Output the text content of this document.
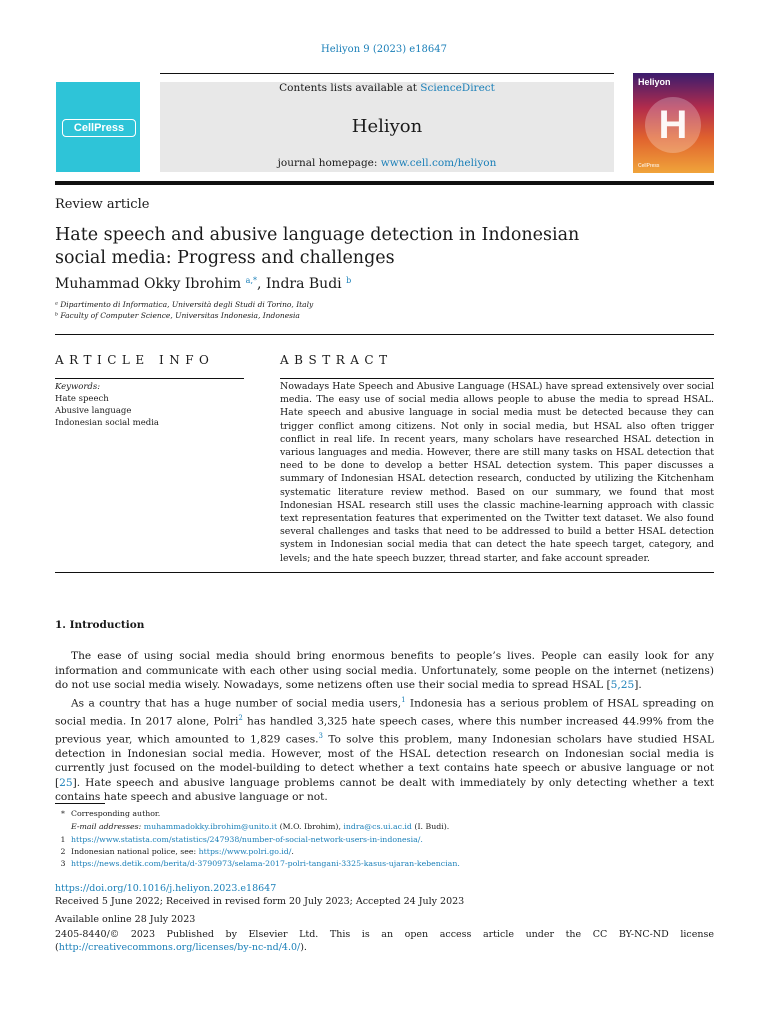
Heliyon 9 (2023) e18647
CellPress
Contents lists available at ScienceDirect
Heliyon
journal homepage: www.cell.com/heliyon
Heliyon
H
CellPress
Review article
Hate speech and abusive language detection in Indonesian social media: Progress and challenges
Muhammad Okky Ibrohim $^{a,*}$, Indra Budi $^b$
ᵃ Dipartimento di Informatica, Università degli Studi di Torino, Italy
ᵇ Faculty of Computer Science, Universitas Indonesia, Indonesia
ARTICLE INFO	ABSTRACT
Keywords:
Hate speech
Abusive language
Indonesian social media
Nowadays Hate Speech and Abusive Language (HSAL) have spread extensively over social media. The easy use of social media allows people to abuse the media to spread HSAL. Hate speech and abusive language in social media must be detected because they can trigger conflict among citizens. Not only in social media, but HSAL also often trigger conflict in real life. In recent years, many scholars have researched HSAL detection in various languages and media. However, there are still many tasks on HSAL detection that need to be done to develop a better HSAL detection system. This paper discusses a summary of Indonesian HSAL detection research, conducted by utilizing the Kitchenham systematic literature review method. Based on our summary, we found that most Indonesian HSAL research still uses the classic machine-learning approach with classic text representation features that experimented on the Twitter text dataset. We also found several challenges and tasks that need to be addressed to build a better HSAL detection system in Indonesian social media that can detect the hate speech target, category, and levels; and the hate speech buzzer, thread starter, and fake account spreader.
1. Introduction

The ease of using social media should bring enormous benefits to people’s lives. People can easily look for any information and communicate with each other using social media. Unfortunately, some people on the internet (netizens) do not use social media wisely. Nowadays, some netizens often use their social media to spread HSAL [5,25].

As a country that has a huge number of social media users,$^1$ Indonesia has a serious problem of HSAL spreading on social media. In 2017 alone, Polri$^2$ has handled 3,325 hate speech cases, where this number increased 44.99% from the previous year, which amounted to 1,829 cases.$^3$ To solve this problem, many Indonesian scholars have studied HSAL detection in Indonesian social media. However, most of the HSAL detection research on Indonesian social media is currently just focused on the model-building to detect whether a text contains hate speech or abusive language or not [25]. Hate speech and abusive language problems cannot be dealt with immediately by only detecting whether a text contains hate speech and abusive language or not.

* Corresponding author.
E-mail addresses: muhammadokky.ibrohim@unito.it (M.O. Ibrohim), indra@cs.ui.ac.id (I. Budi).
1 https://www.statista.com/statistics/247938/number-of-social-network-users-in-indonesia/.
2 Indonesian national police, see: https://www.polri.go.id/.
3 https://news.detik.com/berita/d-3790973/selama-2017-polri-tangani-3325-kasus-ujaran-kebencian.
https://doi.org/10.1016/j.heliyon.2023.e18647
Received 5 June 2022; Received in revised form 20 July 2023; Accepted 24 July 2023
Available online 28 July 2023
2405-8440/© 2023 Published by Elsevier Ltd. This is an open access article under the CC BY-NC-ND license (http://creativecommons.org/licenses/by-nc-nd/4.0/).
